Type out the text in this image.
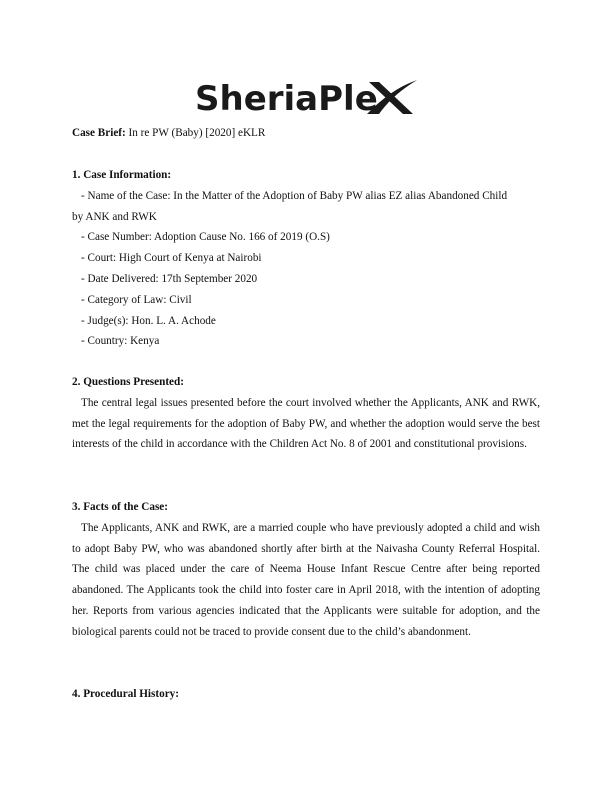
SheriaPle
Case Brief: In re PW (Baby) [2020] eKLR
1. Case Information:
- Name of the Case: In the Matter of the Adoption of Baby PW alias EZ alias Abandoned Child
by ANK and RWK
- Case Number: Adoption Cause No. 166 of 2019 (O.S)
- Court: High Court of Kenya at Nairobi
- Date Delivered: 17th September 2020
- Category of Law: Civil
- Judge(s): Hon. L. A. Achode
- Country: Kenya
2. Questions Presented:
The central legal issues presented before the court involved whether the Applicants, ANK and RWK, met the legal requirements for the adoption of Baby PW, and whether the adoption would serve the best interests of the child in accordance with the Children Act No. 8 of 2001 and constitutional provisions.
3. Facts of the Case:
The Applicants, ANK and RWK, are a married couple who have previously adopted a child and wish to adopt Baby PW, who was abandoned shortly after birth at the Naivasha County Referral Hospital. The child was placed under the care of Neema House Infant Rescue Centre after being reported abandoned. The Applicants took the child into foster care in April 2018, with the intention of adopting her. Reports from various agencies indicated that the Applicants were suitable for adoption, and the biological parents could not be traced to provide consent due to the child’s abandonment.
4. Procedural History:
